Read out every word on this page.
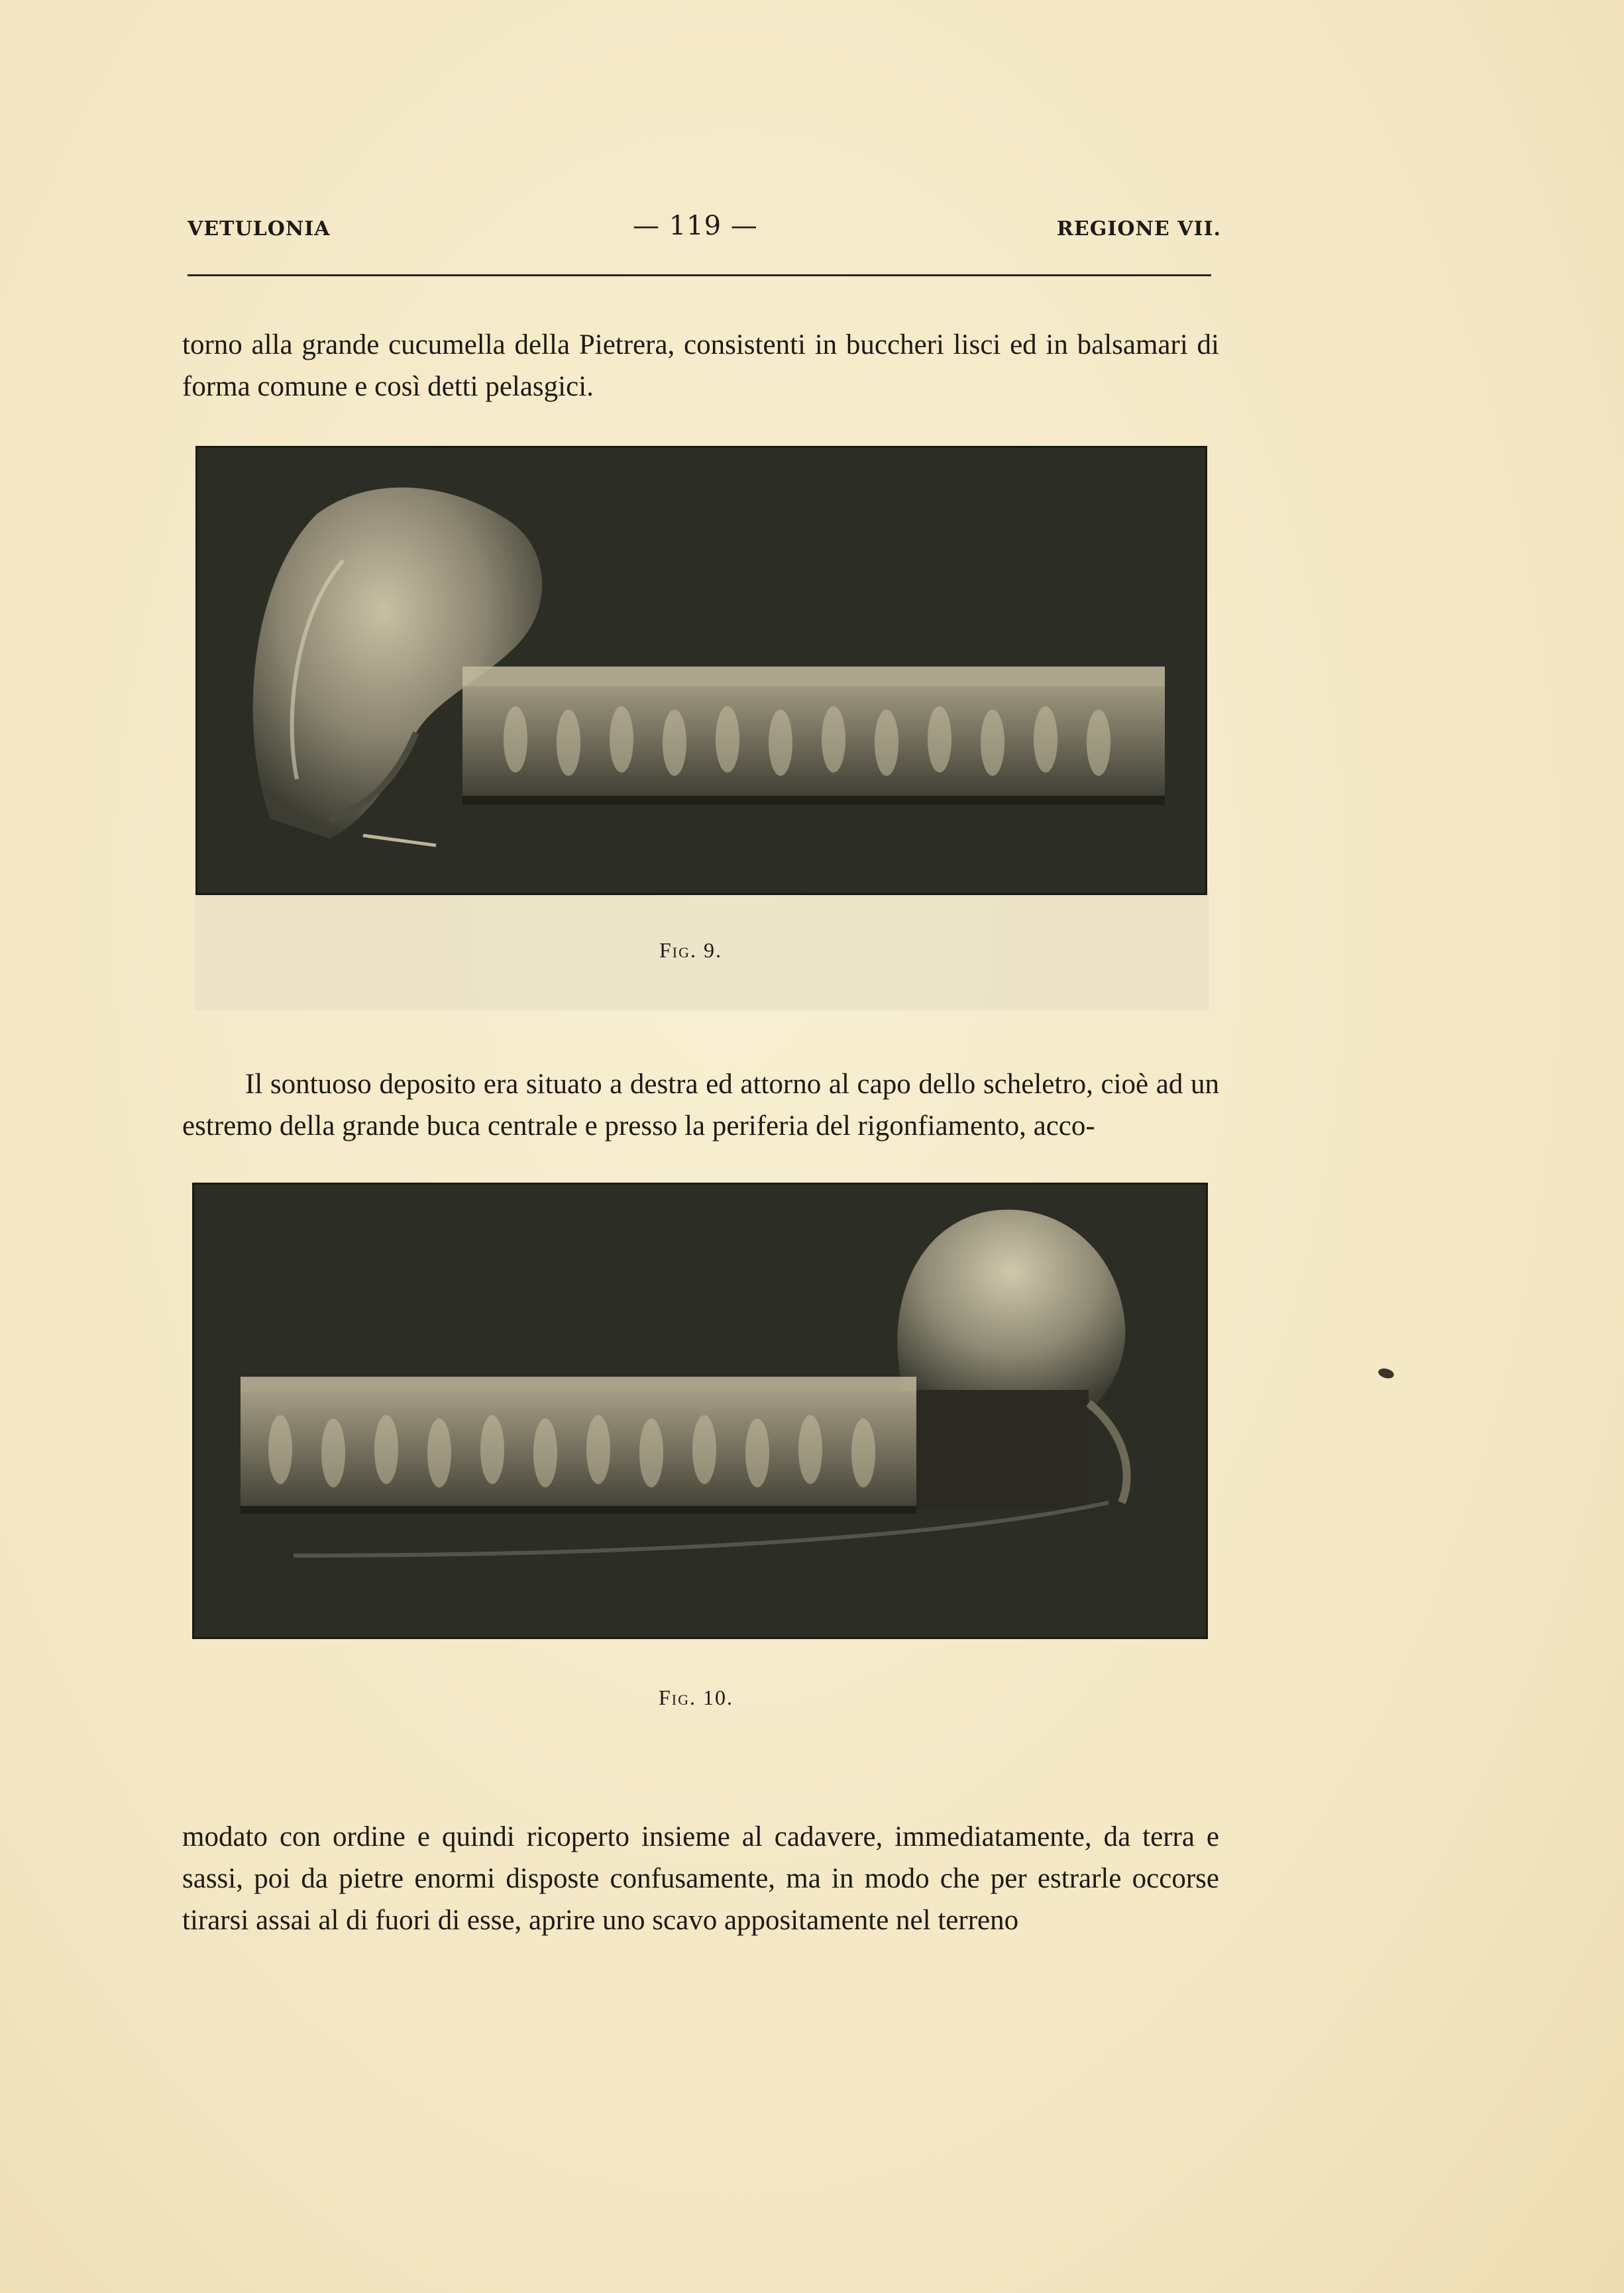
VETULONIA	— 119 —	REGIONE VII.

torno alla grande cucumella della Pietrera, consistenti in buccheri lisci ed in balsamari di forma comune e così detti pelasgici.

Fig. 9.

Il sontuoso deposito era situato a destra ed attorno al capo dello scheletro, cioè ad un estremo della grande buca centrale e presso la periferia del rigonfiamento, acco-

Fig. 10.

modato con ordine e quindi ricoperto insieme al cadavere, immediatamente, da terra e sassi, poi da pietre enormi disposte confusamente, ma in modo che per estrarle occorse tirarsi assai al di fuori di esse, aprire uno scavo appositamente nel terreno
